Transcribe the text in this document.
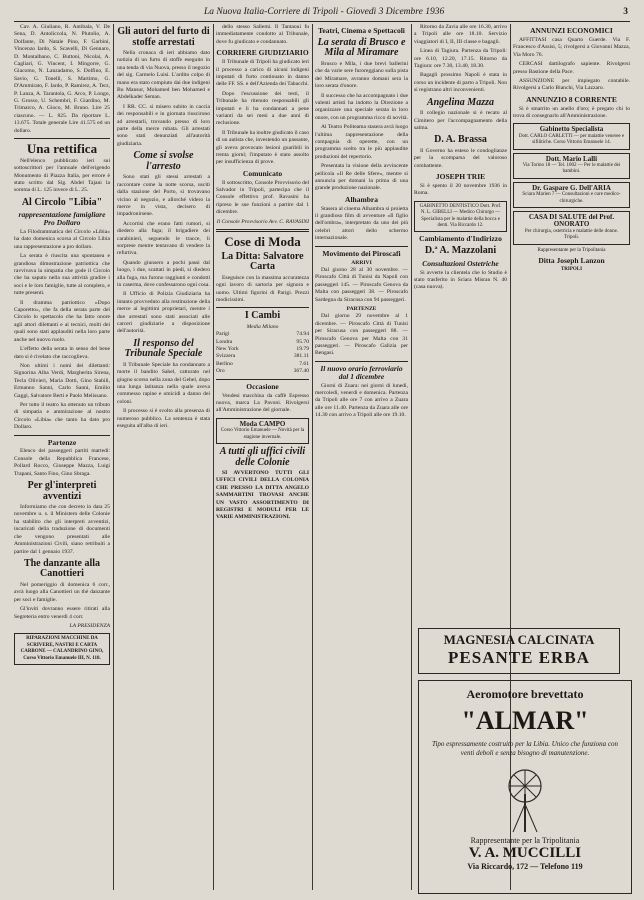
La Nuova Italia-Corriere di Tripoli - Giovedì 3 Dicembre 1936	3

Cav. A. Giuliano, R. Antibala, V. De Sena, D. Antoliccola, N. Plutolio, A. Dolfante, Di Natale Pino, F. Garbini, Vincenzo Iardo, S. Scavelli, Di Gennaro, D. Montalbano, C. Buttoni, Nicolai, A. Cagliari, G. Vincent, I. Mingorre, G. Giacomo, N. Lanzadamo, S. Dolfino, E. Savio, G. Tonelli, S. Martimo, G. D'Ammirato, F. Iardo, P. Ramirez, A. Terz, P. Lanza, A. Tarantola, G. Arco, P. Longo, G. Grosso, U. Schembri, F. Giardino, M. Trimarco, A. Gioco, M. Bruno. Lire 25 ciascuno. — L. 825. Da riportare L. 13.675. Totale generale Lire 41.575 ed un dollaro.

Una rettifica

Nell'elenco pubblicato ieri sui sottoscrittori per l'annuale dell'erigendo Monumento di Piazza Italia, per errore è stato scritto dal Sig. Abdel Tajani la somma di L. 125 invece di L. 25.

Al Circolo "Libia"
rappresentazione famigliare Pro Dollaro

La Filodrammatica del Circolo «Libia» ha dato domenica scorsa al Circolo Libia una rappresentazione a pro dollaro.

La serata è riuscita una spontanea e grandiosa dimostrazione patriottica che ravvivava la simpatia che gode il Circolo che ha saputo nella sua attività gradire i soci e le loro famiglie, tutte al completo, e tutte presenti.

Il dramma patriottico «Dopo Caporetto», che fa della serata parte del Circolo lo spettacolo che ha fatto onore agli attori dilettanti e ai tecnici, molti dei quali sono stati applauditi nella loro parte anche nel nuovo ruolo.

L'effetto della serata in senso del bene dato si è rivelato che raccoglieva.

Non ultimi i nomi dei dilettanti: Signorina Alba Verdi, Margherita Sirena, Tecla Olivieri, Maria Dotti, Gino Stabili, Ermanno Sanni, Carlo Sanni, Emilio Gaggi, Salvatore Berti e Paolo Melissano.

Per tutto il teatro ha ottenuto un tributo di simpatia e ammirazione al nostro Circolo «Libia» che tanto ha dato pro Dollaro.

Partenze

Elenco dei passeggeri partiti martedì: Console della Repubblica Francese, Pollard Rocco, Giuseppe Mazza, Luigi Trapani, Santo Fino, Gino Sbraga.

Per gl'interpreti avventizi

Informiamo che con decreto in data 25 novembre u. s. il Ministero delle Colonie ha stabilito che gli interpreti avventizi, incaricati della traduzione di documenti che vengono presentati alle Amministrazioni Civili, siano retribuiti a partire dal 1 gennaio 1937.

The danzante alla Canottieri

Nel pomeriggio di domenica 6 corr., avrà luogo alla Canottieri un thè danzante per soci e famiglie.

Gl'inviti dovranno essere ritirati alla Segreteria entro venerdì 4 corr.

LA PRESIDENZA
RIPARAZIONI MACCHINE DA SCRIVERE, NASTRI E CARTA CARBONE — CALANDRINO GINO, Corso Vittorio Emanuele III, N. 118.
Gli autori del furto di stoffe arrestati

Nella cronaca di ieri abbiamo dato notizia di un furto di stoffe eseguito in una tenda di via Nuova, presso il negozio del sig. Carmelo Luisi. L'ardito colpo di mano era stato compiuto dai due indigeni Bu Mansur, Mohamed ben Mohamed e Abdelkader Seman.

I RR. CC. si misero subito in caccia dei responsabili e in giornata riuscirono ad arrestarli, trovando presso di loro parte della merce rubata. Gli arrestati sono stati denunziati all'autorità giudiziaria.

Come si svolse l'arresto

Sono stati gli stessi arrestati a raccontare come la notte scorsa, usciti dalla stazione del Porto, si trovavano vicino al negozio, e allorché videro la merce in vista, decisero di impadronirsene.

Accortisi che erano fatti rumori, si diedero alla fuga; il brigadiere dei carabinieri, seguendo le tracce, li sorprese mentre tentavano di vendere la refurtiva.

Quando giunsero a pochi passi dal luogo, i due, scattati in piedi, si diedero alla fuga, ma furono raggiunti e condotti in caserma, dove confessarono ogni cosa.

Il Ufficio di Polizia Giudiziaria ha intanto provveduto alla restituzione della merce ai legittimi proprietari, mentre i due arrestati sono stati associati alle carceri giudiziarie a disposizione dell'autorità.

Il responso del Tribunale Speciale

Il Tribunale Speciale ha condannato a morte il bandito Sahel, catturato nel giugno scorso nella zona del Gebel, dopo una lunga latitanza nella quale aveva commesso rapine e omicidi a danno dei coloni.

Il processo si è svolto alla presenza di numeroso pubblico. La sentenza è stata eseguita all'alba di ieri.

dello stesso Sallemi. Il Tantaoui fu immediatamente condotto al Tribunale, dove fu giudicato e condannato.

CORRIERE GIUDIZIARIO

Il Tribunale di Tripoli ha giudicato ieri il processo a carico di alcuni indigeni imputati di furto continuato in danno delle FF. SS. e dell'Azienda dei Tabacchi.

Dopo l'escussione dei testi, il Tribunale ha ritenuto responsabili gli imputati e li ha condannati a pene varianti da sei mesi a due anni di reclusione.

Il Tribunale ha inoltre giudicato il caso di un autista che, investendo un passante, gli aveva provocato lesioni guaribili in trenta giorni; l'imputato è stato assolto per insufficienza di prove.

Comunicato

Il sottoscritto, Console Provvisorio del Salvador in Tripoli, partecipa che il Console effettivo prof. Ravasini ha ripreso le sue funzioni a partire dal 1 dicembre.

Il Console Provvisorio Avv. C. RAVASINI
Cose di Moda
La Ditta: Salvatore Carta

Eseguisce con la massima accuratezza ogni lavoro di sartoria per signora e uomo. Ultimi figurini di Parigi. Prezzi modicissimi.

I Cambi
Media Milano
Parigi	74.94
Londra	95.70
New York	19.79
Svizzera	381.11
Berlino	7.61
Oro	367.40
Occasione

Vendesi macchina da caffè Espresso nuova, marca La Pavoni. Rivolgersi all'Amministrazione del giornale.

Moda CAMPO
Corso Vittorio Emanuele — Novità per la stagione invernale.
A tutti gli uffici civili delle Colonie

SI AVVERTONO TUTTI GLI UFFICI CIVILI DELLA COLONIA CHE PRESSO LA DITTA ANGELO SAMMARTINI TROVASI ANCHE UN VASTO ASSORTIMENTO DI REGISTRI E MODULI PER LE VARIE AMMINISTRAZIONI.

Teatri, Cinema e Spettacoli
La serata di Brusco e Mila al Miramare

Brusco e Mila, i due brevi ballerini che da varie sere furoreggiano sulla pista del Miramare, avranno domani sera la loro serata d'onore.

Il successo che ha accompagnato i due valenti artisti ha indotto la Direzione a organizzare una speciale serata in loro onore, con un programma ricco di novità.

Al Teatro Politeama stasera avrà luogo l'ultima rappresentazione della compagnia di operette, con un programma scelto tra le più applaudite produzioni del repertorio.

Presentata la visione della avvincente pellicola «Il Re delle Sfere», mentre si annuncia per domani la prima di una grande produzione nazionale.

Alhambra

Stasera al cinema Alhambra si proietta il grandioso film di avventure «Il figlio dell'ombra», interpretato da uno dei più celebri attori dello schermo internazionale.

Movimento dei Piroscafi
ARRIVI

Dal giorno 28 al 30 novembre. — Piroscafo Città di Tunisi da Napoli con passeggeri 145. — Piroscafo Genova da Malta con passeggeri 38. — Piroscafo Sardegna da Siracusa con 94 passeggeri.

PARTENZE

Dal giorno 29 novembre al 1 dicembre. — Piroscafo Città di Tunisi per Siracusa con passeggeri 88. — Piroscafo Genova per Malta con 31 passeggeri. — Piroscafo Galizia per Bengasi.

Il nuovo orario ferroviario dal 1 dicembre

Giorni di Zuara: nei giorni di lunedì, mercoledì, venerdì e domenica. Partenza da Tripoli alle ore 7 con arrivo a Zuara alle ore 11.40. Partenza da Zuara alle ore 14.30 con arrivo a Tripoli alle ore 19.10.

Ritorno da Zavia alle ore 16.30, arrivo a Tripoli alle ore 18.10. Servizio viaggiatori di I, II, III classe e bagagli.

Linea di Tagiura. Partenza da Tripoli: ore 6.10, 12.20, 17.15. Ritorno da Tagiura: ore 7.30, 13.40, 18.30.

Bagagli prossimo Napoli è stata in corso un incidente di parto a Tripoli. Non si registrano altri inconvenienti.

Angelina Mazza

Il collegio nazionale si è recato al Cimitero per l'accompagnamento della salma.

D. A. Brassa

Il Governo ha esteso le condoglianze per la scomparsa del valoroso combattente.

JOSEPH TRIE

Si è spento il 20 novembre 1936 in Roma.

GABINETTO DENTISTICO Dott. Prof. N. L. GIBELLI — Medico Chirurgo — Specialista per le malattie della bocca e denti. Via Riccardo 12.
Cambiamento d'Indirizzo
D.ª A. Mazzolani
Consultazioni Ostetriche

Si avverte la clientela che lo Studio è stato trasferito in Sciara Misran N. 40 (casa nuova).

ANNUNZI ECONOMICI

AFFITTASI casa Quarto Guerde. Via F. Francesco d'Assisi, 5; rivolgersi a Giovanni Mazza, Via Moro 76.

CERCASI dattilografo sapiente. Rivolgersi presso Bastione della Pace.

ASSUNZIONE per impiegato contabile. Rivolgersi a Carlo Bianchi, Via Lazzaro.

ANNUNZIO 8 CORRENTE

Si è smarrito un anello d'oro; è pregato chi lo trova di consegnarlo all'Amministrazione.

Gabinetto Specialista
Dott. CARLO CARLETTI — per malattie veneree e sifilitiche. Corso Vittorio Emanuele 14.
Dott. Mario Lalli
Via Torino 18 — Tel. 1002 — Per le malattie dei bambini.
Dr. Gaspare G. Dell'ARIA
Sciara Marien 7 — Consultazioni e cure medico-chirurgiche.
CASA DI SALUTE del Prof. ONORATO
Per chirurgia, ostetricia e malattie delle donne. Tripoli.
Rappresentante per la Tripolitania
Ditta Joseph Lanzon
TRIPOLI
MAGNESIA CALCINATA
PESANTE ERBA
Aeromotore brevettato
"ALMAR"
Tipo espressamente costruito per la Libia. Unico che funziona con venti deboli e senza bisogno di manutenzione.
Rappresentante per la Tripolitania
V. A. MUCCILLI
Via Riccardo, 172 — Telefono 119
